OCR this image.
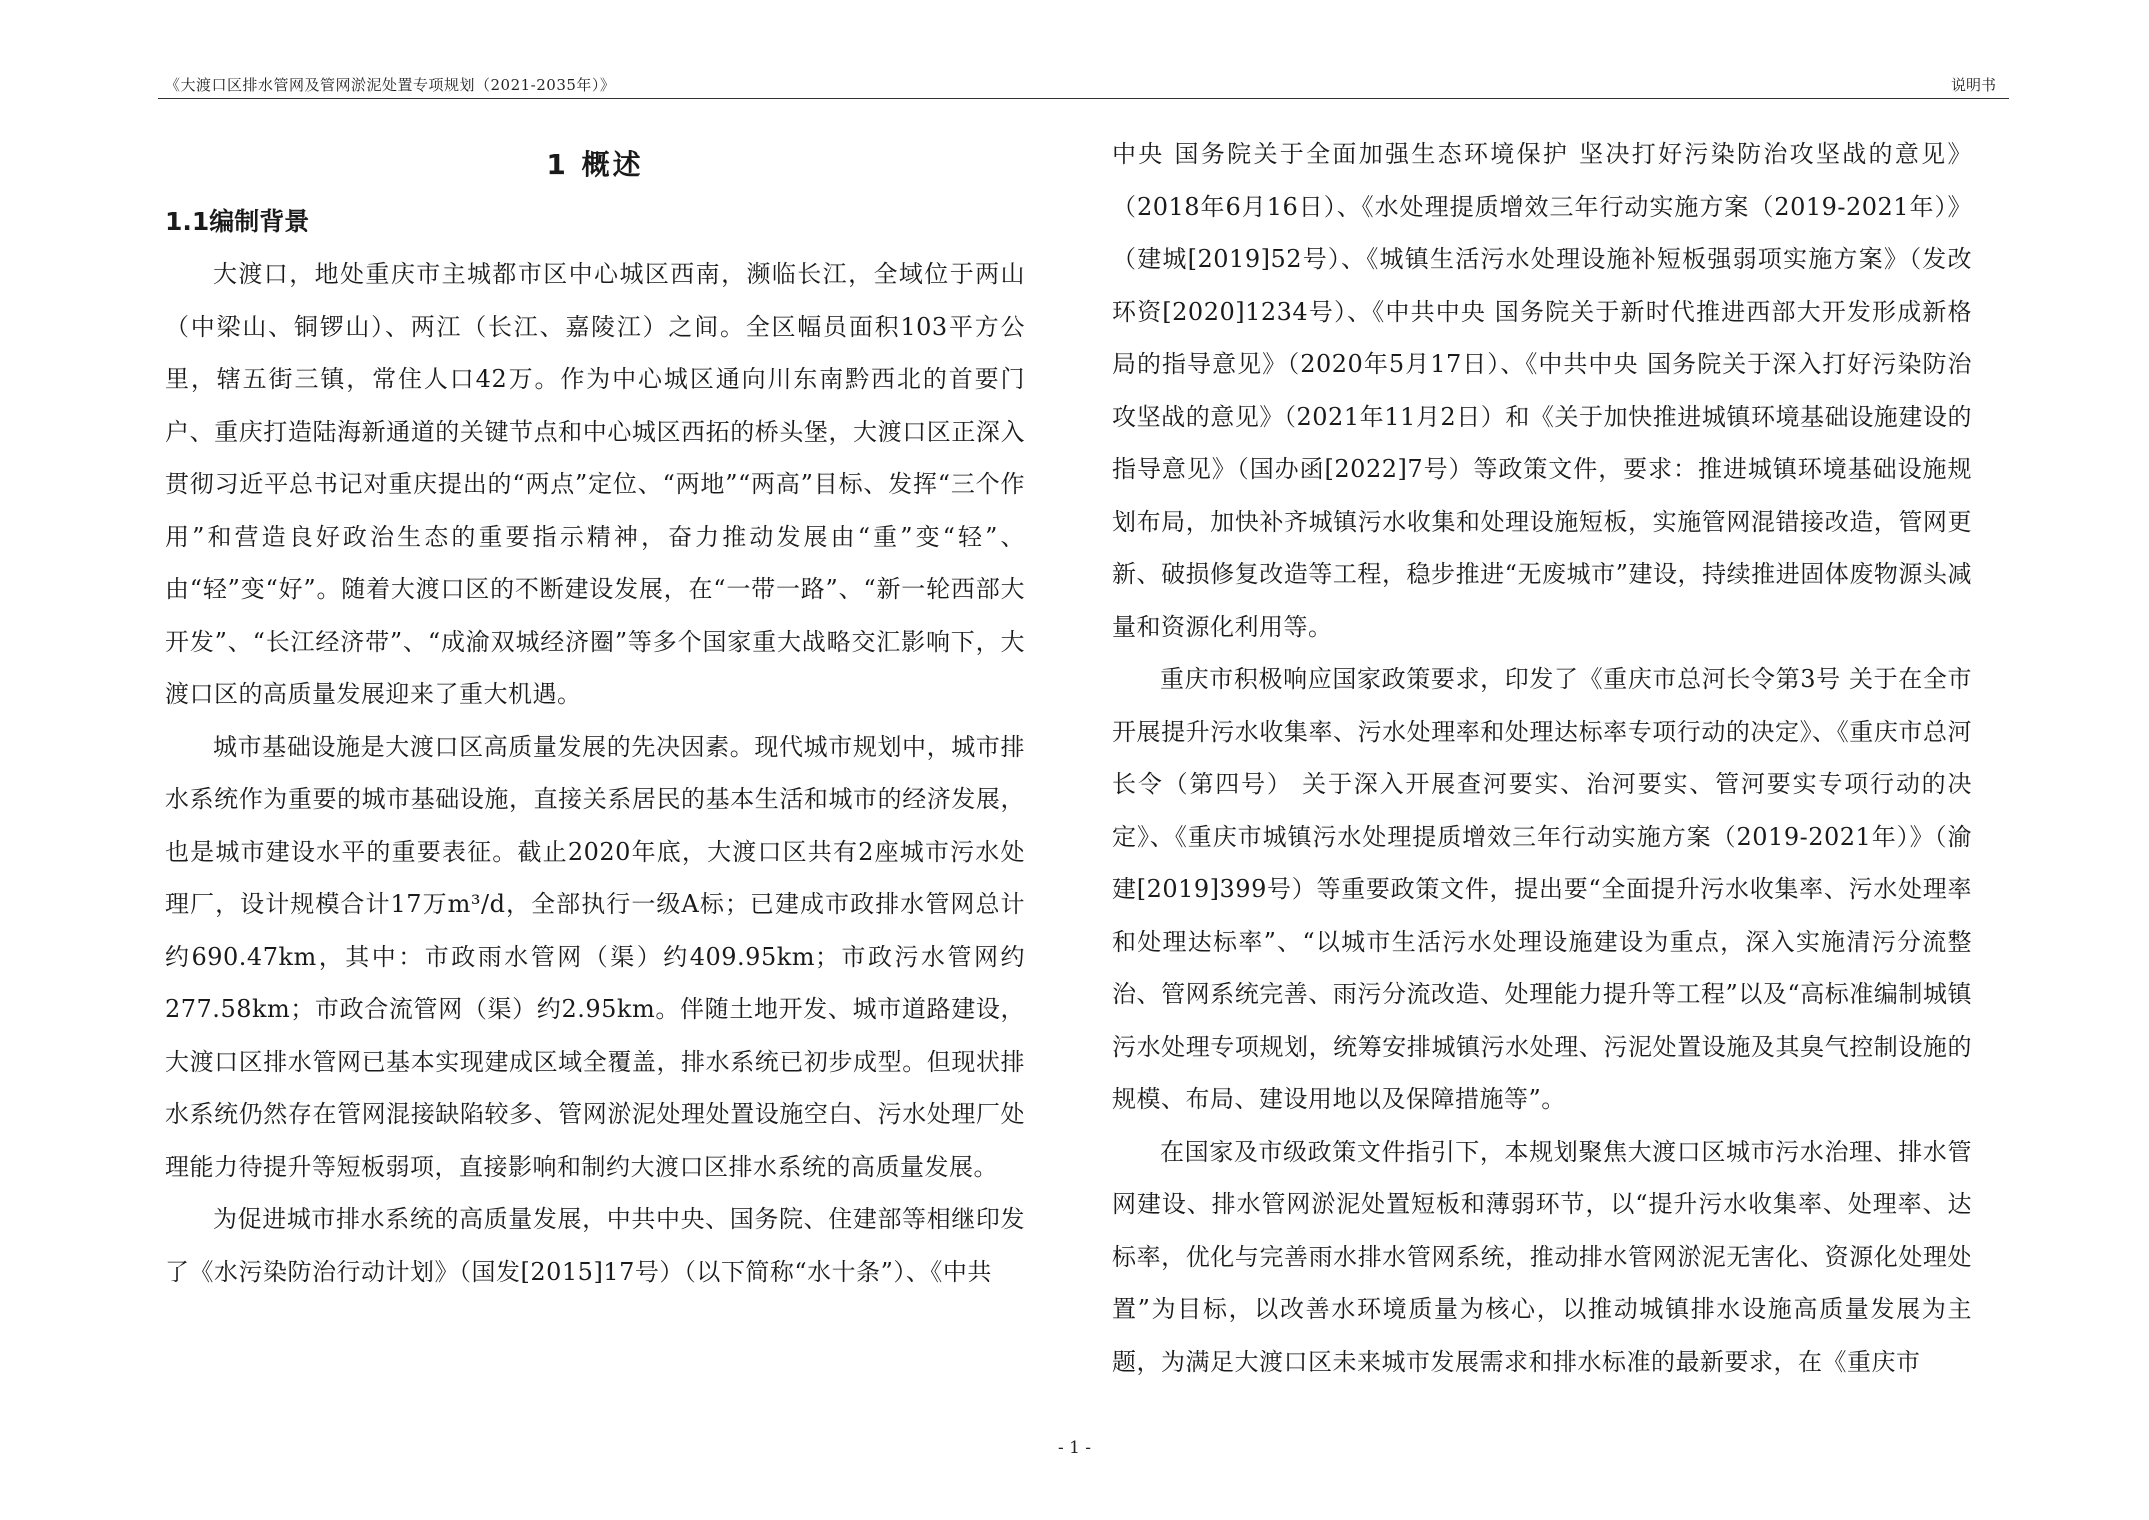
《大渡口区排水管网及管网淤泥处置专项规划（2021-2035年）》	说明书
1 概述
1.1编制背景

大渡口，地处重庆市主城都市区中心城区西南，濒临长江，全域位于两山（中梁山、铜锣山）、两江（长江、嘉陵江）之间。全区幅员面积103平方公里，辖五街三镇，常住人口42万。作为中心城区通向川东南黔西北的首要门户、重庆打造陆海新通道的关键节点和中心城区西拓的桥头堡，大渡口区正深入贯彻习近平总书记对重庆提出的“两点”定位、“两地”“两高”目标、发挥“三个作用”和营造良好政治生态的重要指示精神，奋力推动发展由“重”变“轻”、由“轻”变“好”。随着大渡口区的不断建设发展，在“一带一路”、“新一轮西部大开发”、“长江经济带”、“成渝双城经济圈”等多个国家重大战略交汇影响下，大渡口区的高质量发展迎来了重大机遇。

城市基础设施是大渡口区高质量发展的先决因素。现代城市规划中，城市排水系统作为重要的城市基础设施，直接关系居民的基本生活和城市的经济发展，也是城市建设水平的重要表征。截止2020年底，大渡口区共有2座城市污水处理厂，设计规模合计17万m³/d，全部执行一级A标；已建成市政排水管网总计约690.47km，其中：市政雨水管网（渠）约409.95km；市政污水管网约277.58km；市政合流管网（渠）约2.95km。伴随土地开发、城市道路建设，大渡口区排水管网已基本实现建成区域全覆盖，排水系统已初步成型。但现状排水系统仍然存在管网混接缺陷较多、管网淤泥处理处置设施空白、污水处理厂处理能力待提升等短板弱项，直接影响和制约大渡口区排水系统的高质量发展。

为促进城市排水系统的高质量发展，中共中央、国务院、住建部等相继印发了《水污染防治行动计划》（国发[2015]17号）（以下简称“水十条”）、《中共

中央 国务院关于全面加强生态环境保护 坚决打好污染防治攻坚战的意见》（2018年6月16日）、《水处理提质增效三年行动实施方案（2019-2021年）》（建城[2019]52号）、《城镇生活污水处理设施补短板强弱项实施方案》（发改环资[2020]1234号）、《中共中央 国务院关于新时代推进西部大开发形成新格局的指导意见》（2020年5月17日）、《中共中央 国务院关于深入打好污染防治攻坚战的意见》（2021年11月2日）和《关于加快推进城镇环境基础设施建设的指导意见》（国办函[2022]7号）等政策文件，要求：推进城镇环境基础设施规划布局，加快补齐城镇污水收集和处理设施短板，实施管网混错接改造，管网更新、破损修复改造等工程，稳步推进“无废城市”建设，持续推进固体废物源头减量和资源化利用等。

重庆市积极响应国家政策要求，印发了《重庆市总河长令第3号 关于在全市开展提升污水收集率、污水处理率和处理达标率专项行动的决定》、《重庆市总河长令（第四号） 关于深入开展查河要实、治河要实、管河要实专项行动的决定》、《重庆市城镇污水处理提质增效三年行动实施方案（2019-2021年）》（渝建[2019]399号）等重要政策文件，提出要“全面提升污水收集率、污水处理率和处理达标率”、“以城市生活污水处理设施建设为重点，深入实施清污分流整治、管网系统完善、雨污分流改造、处理能力提升等工程”以及“高标准编制城镇污水处理专项规划，统筹安排城镇污水处理、污泥处置设施及其臭气控制设施的规模、布局、建设用地以及保障措施等”。

在国家及市级政策文件指引下，本规划聚焦大渡口区城市污水治理、排水管网建设、排水管网淤泥处置短板和薄弱环节，以“提升污水收集率、处理率、达标率，优化与完善雨水排水管网系统，推动排水管网淤泥无害化、资源化处理处置”为目标，以改善水环境质量为核心，以推动城镇排水设施高质量发展为主题，为满足大渡口区未来城市发展需求和排水标准的最新要求，在《重庆市

- 1 -
